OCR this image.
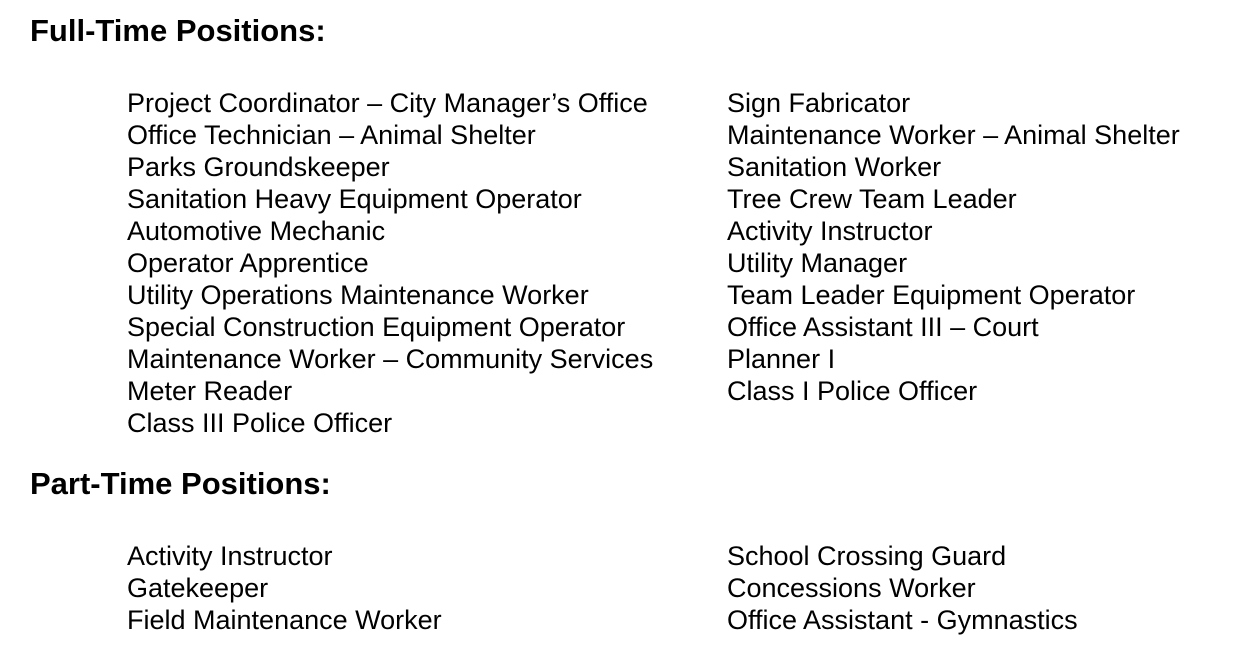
Full-Time Positions:
Project Coordinator – City Manager’s Office
Office Technician – Animal Shelter
Parks Groundskeeper
Sanitation Heavy Equipment Operator
Automotive Mechanic
Operator Apprentice
Utility Operations Maintenance Worker
Special Construction Equipment Operator
Maintenance Worker – Community Services
Meter Reader
Class III Police Officer
Sign Fabricator
Maintenance Worker – Animal Shelter
Sanitation Worker
Tree Crew Team Leader
Activity Instructor
Utility Manager
Team Leader Equipment Operator
Office Assistant III – Court
Planner I
Class I Police Officer
Part-Time Positions:
Activity Instructor
Gatekeeper
Field Maintenance Worker
School Crossing Guard
Concessions Worker
Office Assistant - Gymnastics
